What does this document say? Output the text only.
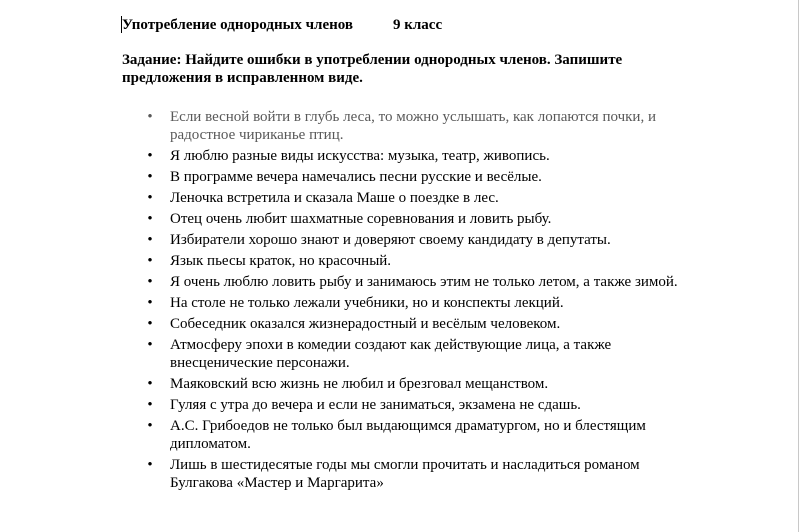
Употребление однородных членов	9 класс
Задание: Найдите ошибки в употреблении однородных членов. Запишите предложения в исправленном виде.
• Если весной войти в глубь леса, то можно услышать, как лопаются почки, и радостное чириканье птиц.
• Я люблю разные виды искусства: музыка, театр, живопись.
• В программе вечера намечались песни русские и весёлые.
• Леночка встретила и сказала Маше о поездке в лес.
• Отец очень любит шахматные соревнования и ловить рыбу.
• Избиратели хорошо знают и доверяют своему кандидату в депутаты.
• Язык пьесы краток, но красочный.
• Я очень люблю ловить рыбу и занимаюсь этим не только летом, а также зимой.
• На столе не только лежали учебники, но и конспекты лекций.
• Собеседник оказался жизнерадостный и весёлым человеком.
• Атмосферу эпохи в комедии создают как действующие лица, а также внесценические персонажи.
• Маяковский всю жизнь не любил и брезговал мещанством.
• Гуляя с утра до вечера и если не заниматься, экзамена не сдашь.
• А.С. Грибоедов не только был выдающимся драматургом, но и блестящим дипломатом.
• Лишь в шестидесятые годы мы смогли прочитать и насладиться романом Булгакова «Мастер и Маргарита»
